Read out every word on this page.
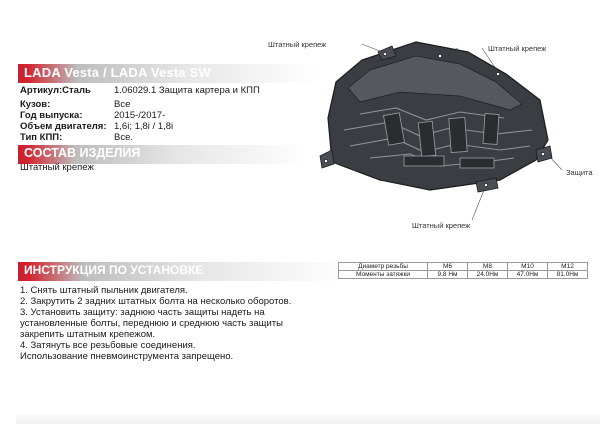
LADA Vesta / LADA Vesta SW
Артикул:Сталь 1.06029.1 Защита картера и КПП
Кузов:	Все
Год выпуска:	2015-/2017-
Объем двигателя: 1,6i; 1,8i / 1,8i
Тип КПП:	Все.
СОСТАВ ИЗДЕЛИЯ
Штатный крепеж
Штатный крепеж	Штатный крепеж
Защита
Штатный крепеж
ИНСТРУКЦИЯ ПО УСТАНОВКЕ	Диаметр резьбы	M6	M8	M10	M12
Моменты затяжки	9.8 Нм	24.0Нм	47.0Нм	81.0Нм
1. Снять штатный пыльник двигателя.
2. Закрутить 2 задних штатных болта на несколько оборотов.
3. Установить защиту: заднюю часть защиты надеть на
установленные болты, переднюю и среднюю часть защиты
закрепить штатным крепежом.
4. Затянуть все резьбовые соединения.
Использование пневмоинструмента запрещено.
